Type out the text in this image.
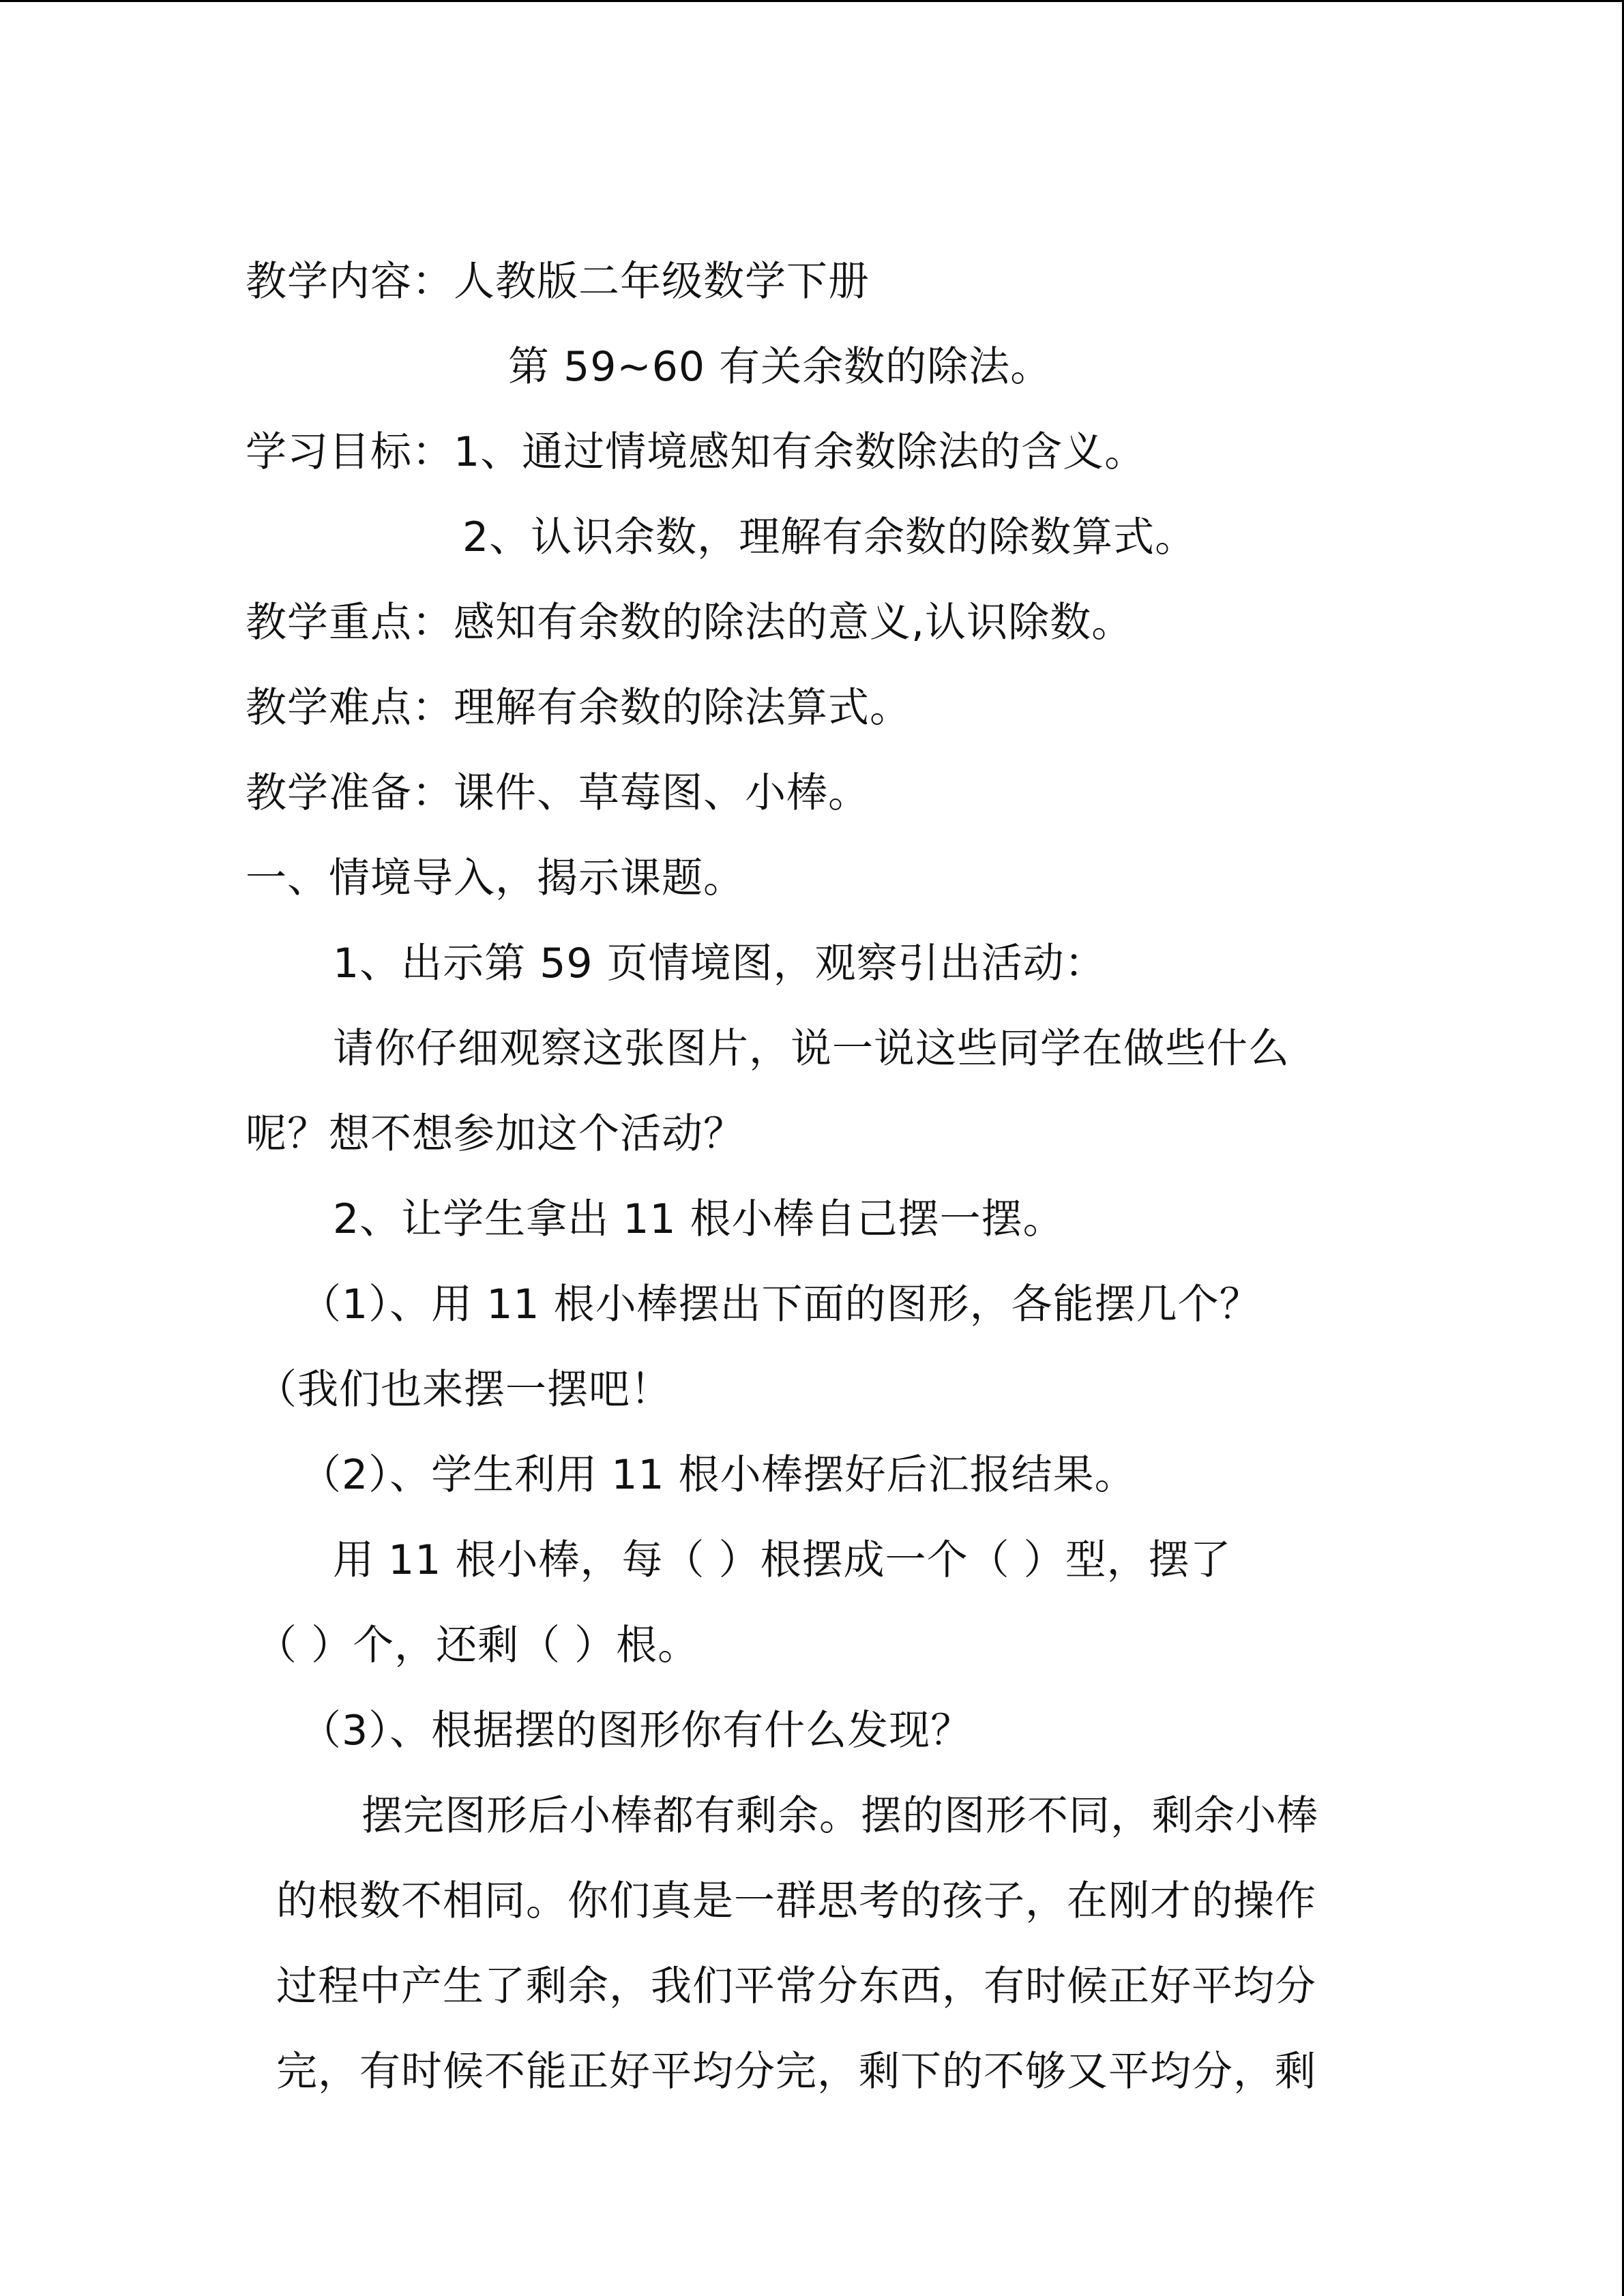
教学内容：人教版二年级数学下册
第 59~60 有关余数的除法。
学习目标：1、通过情境感知有余数除法的含义。
2、认识余数，理解有余数的除数算式。
教学重点：感知有余数的除法的意义,认识除数。
教学难点：理解有余数的除法算式。
教学准备：课件、草莓图、小棒。
一、情境导入，揭示课题。
1、出示第 59 页情境图，观察引出活动：
请你仔细观察这张图片，说一说这些同学在做些什么
呢？想不想参加这个活动？
2、让学生拿出 11 根小棒自己摆一摆。
（1）、用 11 根小棒摆出下面的图形，各能摆几个？
（我们也来摆一摆吧！
（2）、学生利用 11 根小棒摆好后汇报结果。
用 11 根小棒，每（ ）根摆成一个（ ）型，摆了
（ ）个，还剩（ ）根。
（3）、根据摆的图形你有什么发现？
摆完图形后小棒都有剩余。摆的图形不同，剩余小棒
的根数不相同。你们真是一群思考的孩子，在刚才的操作
过程中产生了剩余，我们平常分东西，有时候正好平均分
完，有时候不能正好平均分完，剩下的不够又平均分，剩
